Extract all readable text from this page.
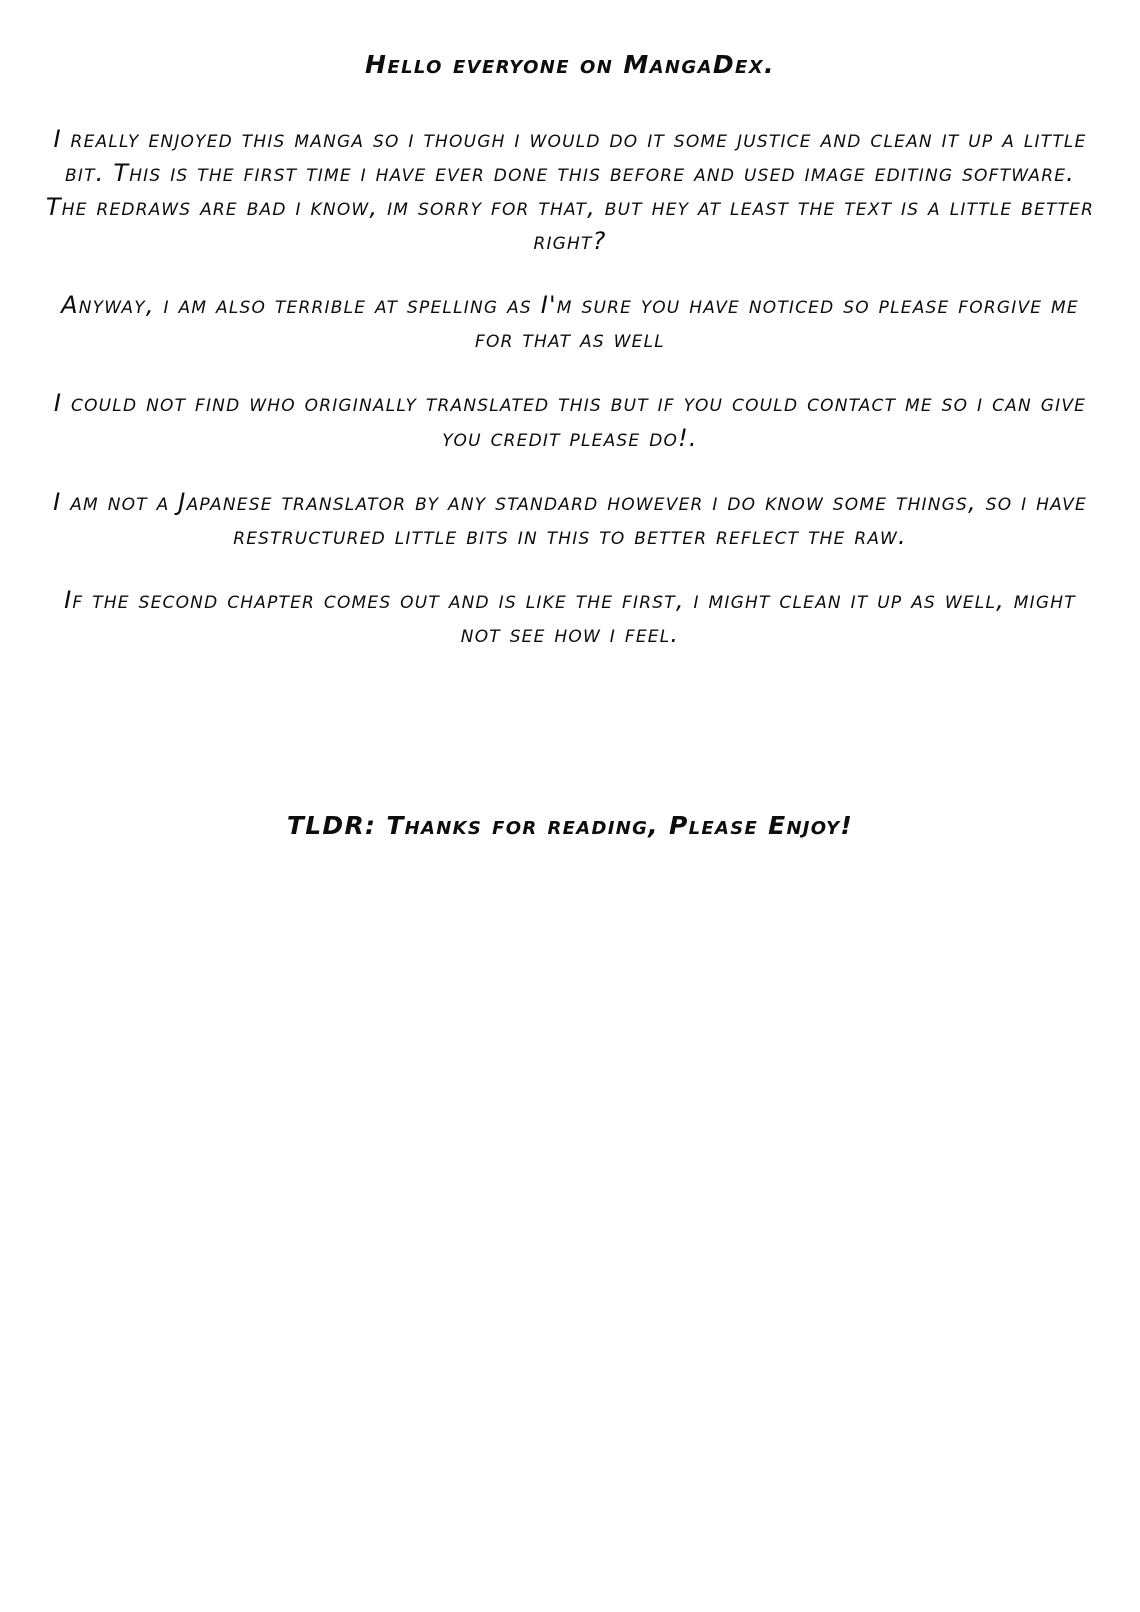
Hello everyone on MangaDex.

I really enjoyed this manga so i though i would do it some justice and clean it up a little bit. This is the first time i have ever done this before and used image editing software. The redraws are bad i know, im sorry for that, but hey at least the text is a little better right?

Anyway, i am also terrible at spelling as I'm sure you have noticed so please forgive me for that as well

I could not find who originally translated this but if you could contact me so i can give you credit please do!.

I am not a Japanese translator by any standard however i do know some things, so i have restructured little bits in this to better reflect the raw.

If the second chapter comes out and is like the first, i might clean it up as well, might not see how i feel.

TLDR: Thanks for reading, Please Enjoy!
